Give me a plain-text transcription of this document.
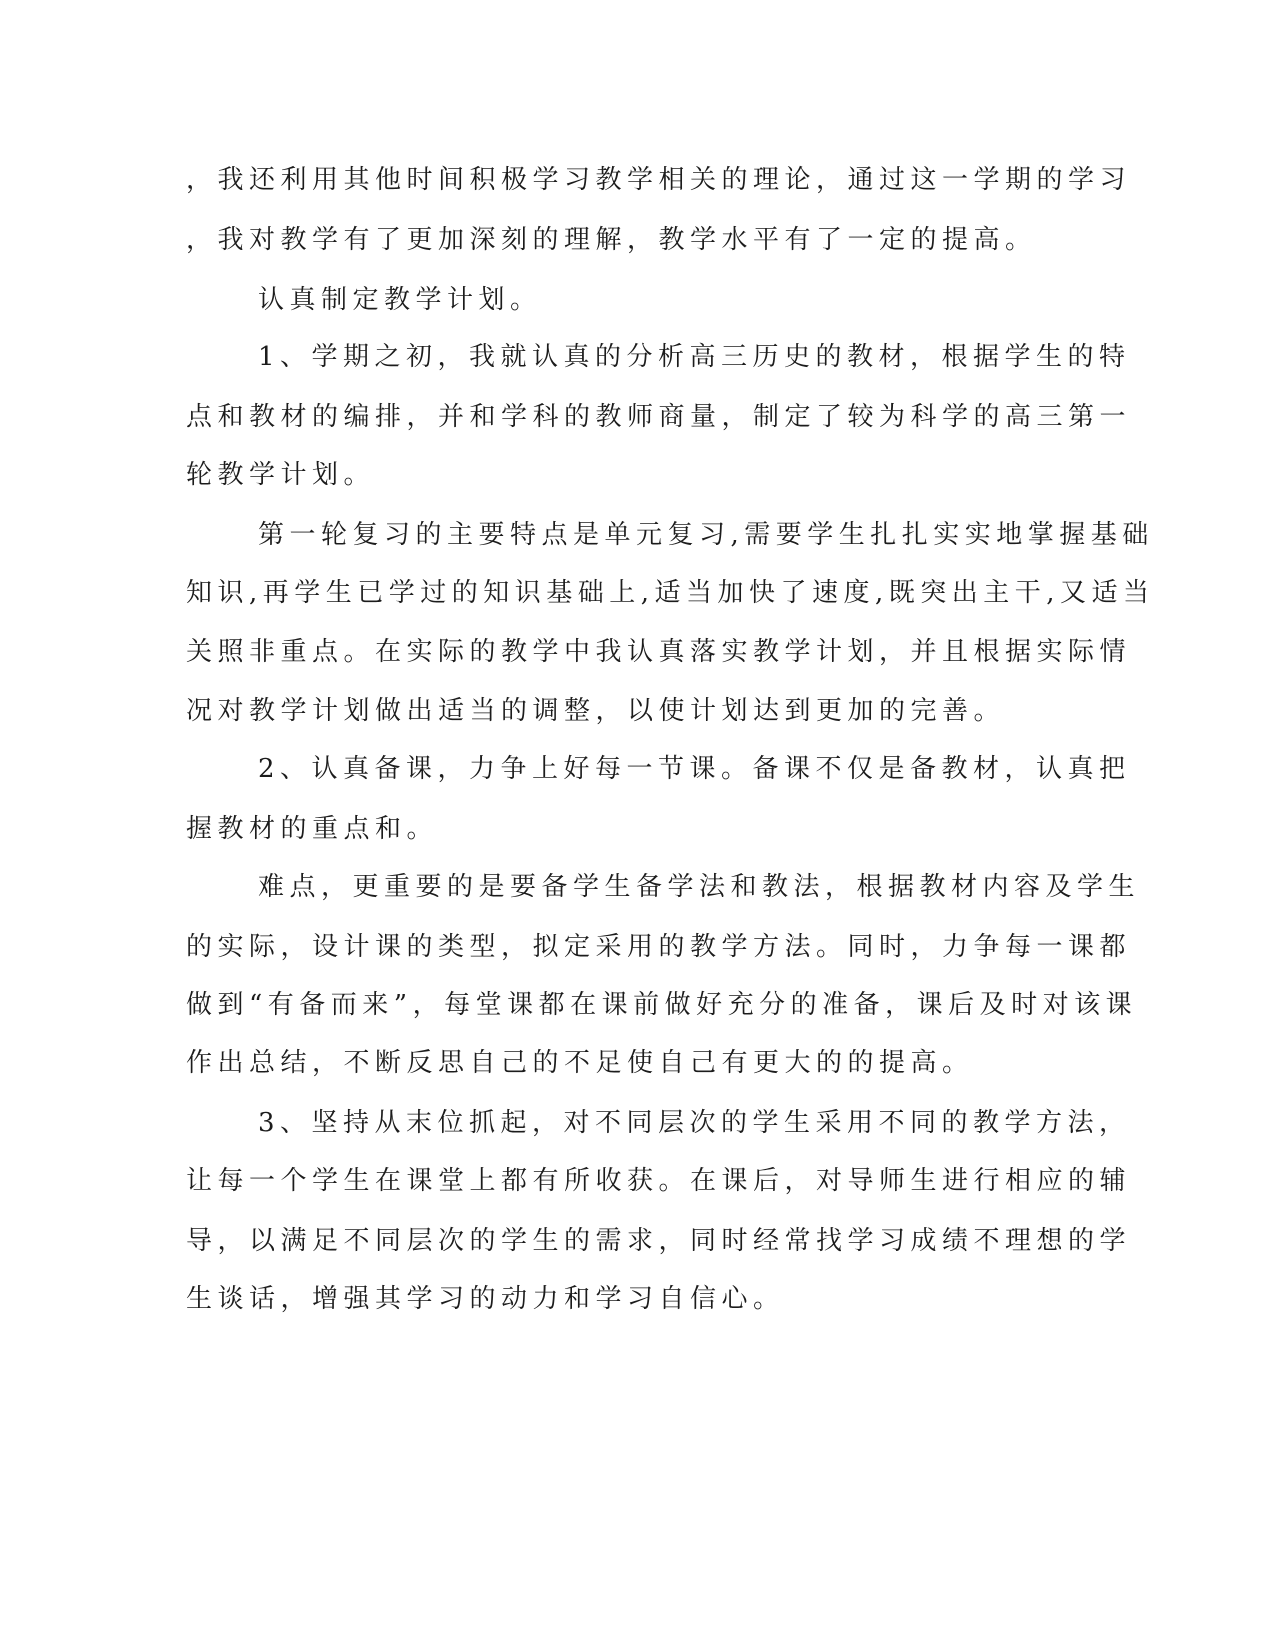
，我还利用其他时间积极学习教学相关的理论，通过这一学期的学习

，我对教学有了更加深刻的理解，教学水平有了一定的提高。

认真制定教学计划。

1、学期之初，我就认真的分析高三历史的教材，根据学生的特

点和教材的编排，并和学科的教师商量，制定了较为科学的高三第一

轮教学计划。

第一轮复习的主要特点是单元复习,需要学生扎扎实实地掌握基础

知识,再学生已学过的知识基础上,适当加快了速度,既突出主干,又适当

关照非重点。在实际的教学中我认真落实教学计划，并且根据实际情

况对教学计划做出适当的调整，以使计划达到更加的完善。

2、认真备课，力争上好每一节课。备课不仅是备教材，认真把

握教材的重点和。

难点，更重要的是要备学生备学法和教法，根据教材内容及学生

的实际，设计课的类型，拟定采用的教学方法。同时，力争每一课都

做到“有备而来”，每堂课都在课前做好充分的准备，课后及时对该课

作出总结，不断反思自己的不足使自己有更大的的提高。

3、坚持从末位抓起，对不同层次的学生采用不同的教学方法，

让每一个学生在课堂上都有所收获。在课后，对导师生进行相应的辅

导，以满足不同层次的学生的需求，同时经常找学习成绩不理想的学

生谈话，增强其学习的动力和学习自信心。
